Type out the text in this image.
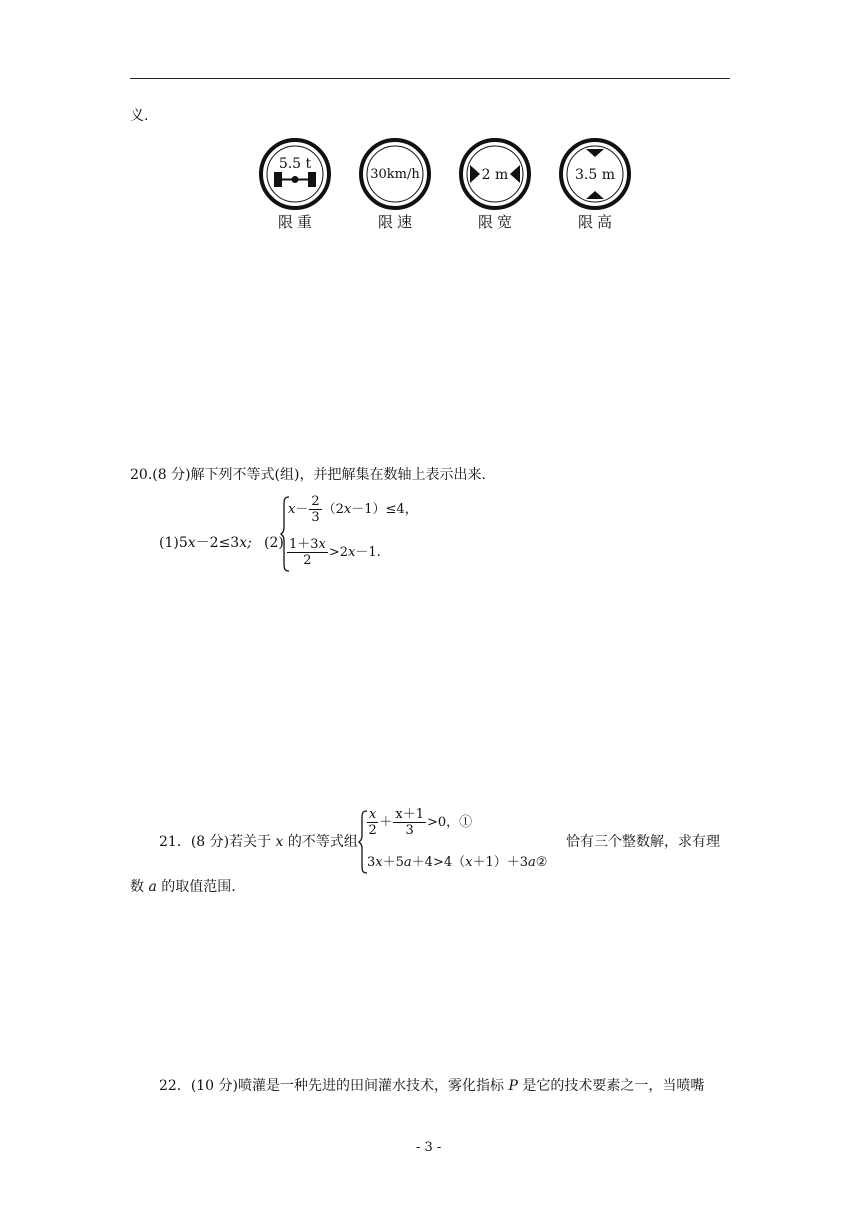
义.
5.5 t
限重
30km/h
限速
2 m
限宽
3.5 m
限高
20.(8 分)解下列不等式(组)，并把解集在数轴上表示出来.
(1)5x－2≤3x; (2)
$x- \frac{2}{3} (2x-1)\le 4$，
$\frac{1+3x}{2} >2x-1$.
21．(8 分)若关于 x 的不等式组
$\frac{x}{2} + \frac{x+1}{3} >0$，①
3x＋5a＋4>4（x＋1）＋3a②
恰有三个整数解，求有理
数 a 的取值范围.
22．(10 分)喷灌是一种先进的田间灌水技术，雾化指标 P 是它的技术要素之一，当喷嘴
- 3 -
